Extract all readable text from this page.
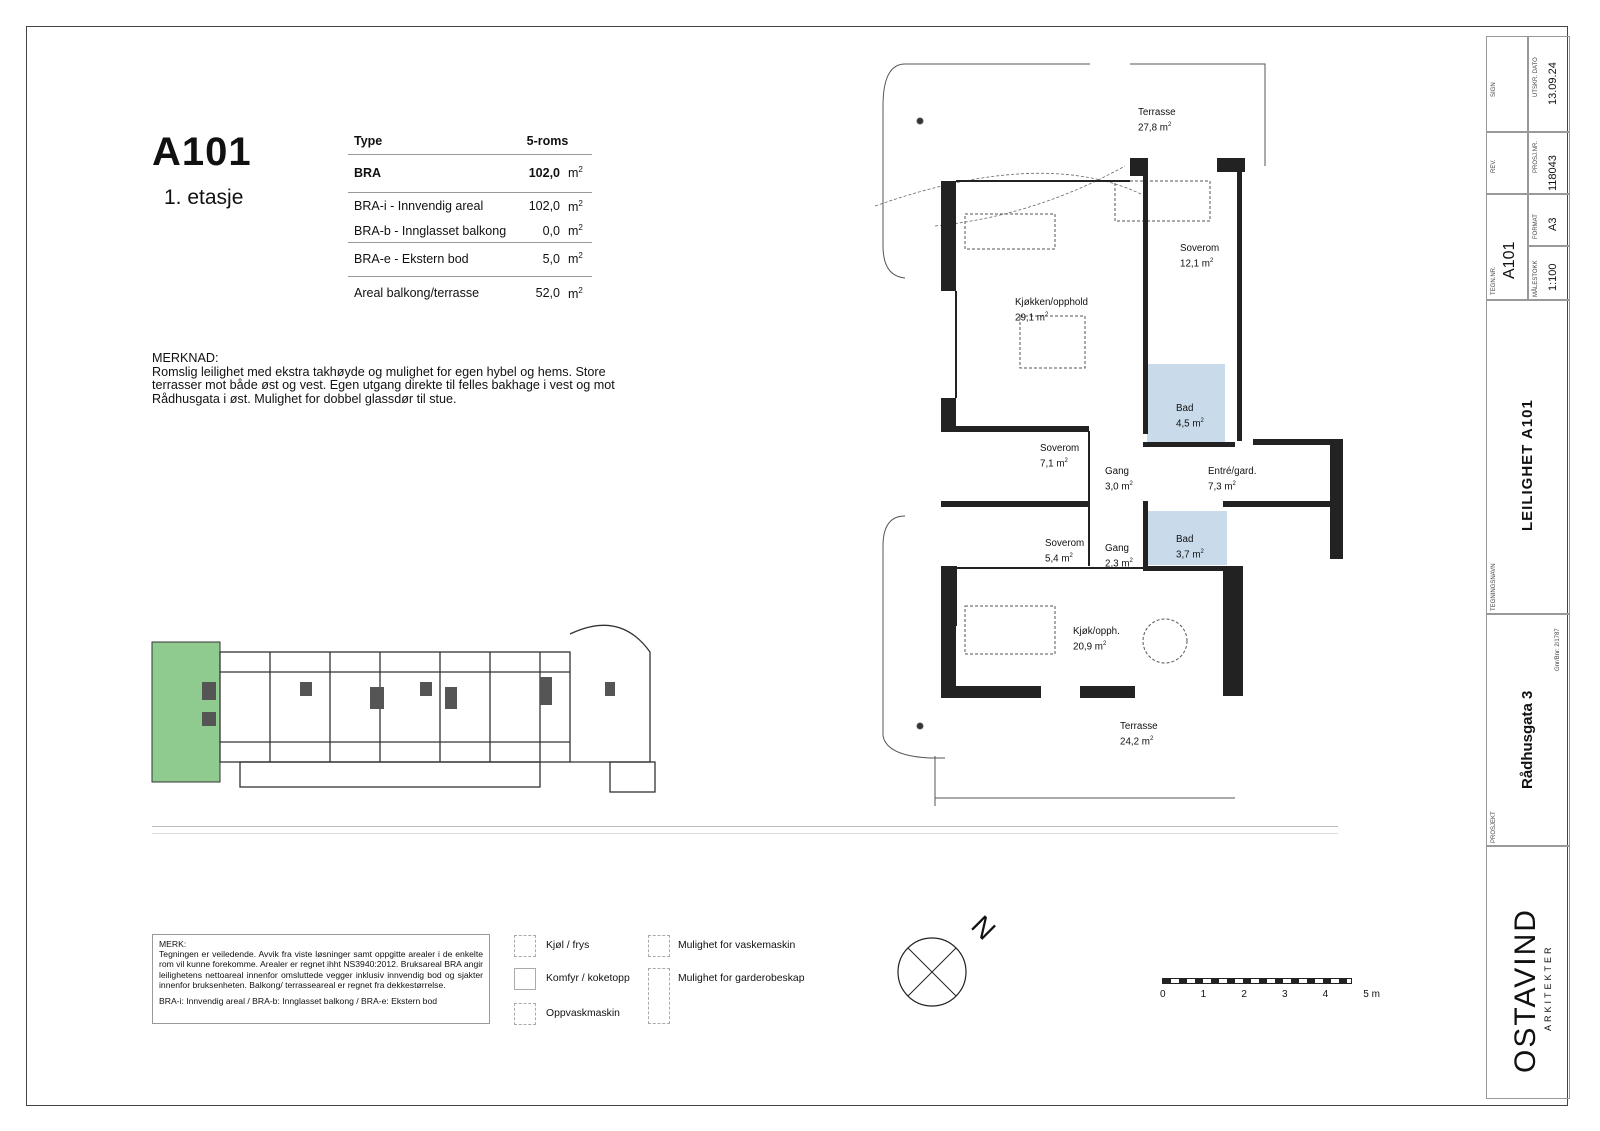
A101
1. etasje
Type	5-roms	
BRA	102,0	$m^2$
BRA-i - Innvendig areal	102,0	$m^2$
BRA-b - Innglasset balkong	0,0	$m^2$
BRA-e - Ekstern bod	5,0	$m^2$
Areal balkong/terrasse	52,0	$m^2$
MERKNAD:
Romslig leilighet med ekstra takhøyde og mulighet for egen hybel og hems. Store terrasser mot både øst og vest. Egen utgang direkte til felles bakhage i vest og mot Rådhusgata i øst. Mulighet for dobbel glassdør til stue.
Terrasse
27,8 $m^2$
Soverom
12,1 $m^2$
Kjøkken/opphold
29,1 $m^2$
Bad
4,5 $m^2$
Soverom
7,1 $m^2$
Gang
3,0 $m^2$
Entré/gard.
7,3 $m^2$
Soverom
5,4 $m^2$
Gang
2,3 $m^2$
Bad
3,7 $m^2$
Kjøk/opph.
20,9 $m^2$
Terrasse
24,2 $m^2$
MERK:
Tegningen er veiledende. Avvik fra viste løsninger samt oppgitte arealer i de enkelte rom vil kunne forekomme. Arealer er regnet ihht NS3940:2012. Bruksareal BRA angir leilighetens nettoareal innenfor omsluttede vegger inklusiv innvendig bod og sjakter innenfor bruksenheten. Balkong/ terrasseareal er regnet fra dekkestørrelse.
BRA-i: Innvendig areal / BRA-b: Innglasset balkong / BRA-e: Ekstern bod
Kjøl / frys
Komfyr / koketopp
Oppvaskmaskin
Mulighet for vaskemaskin
Mulighet for garderobeskap
N
0	1	2	3	4	5 m
SIGN	UTSKR. DATO 13.09.24
REV.	PROSJ.NR. 118043
TEGN.NR.
A101
FORMAT A3
MÅLESTOKK 1:100
TEGNINGSNAVN
LEILIGHET A101
PROSJEKT
Rådhusgata 3
Gnr/Bnr: 2/1787
OSTAVIND ARKITEKTER
